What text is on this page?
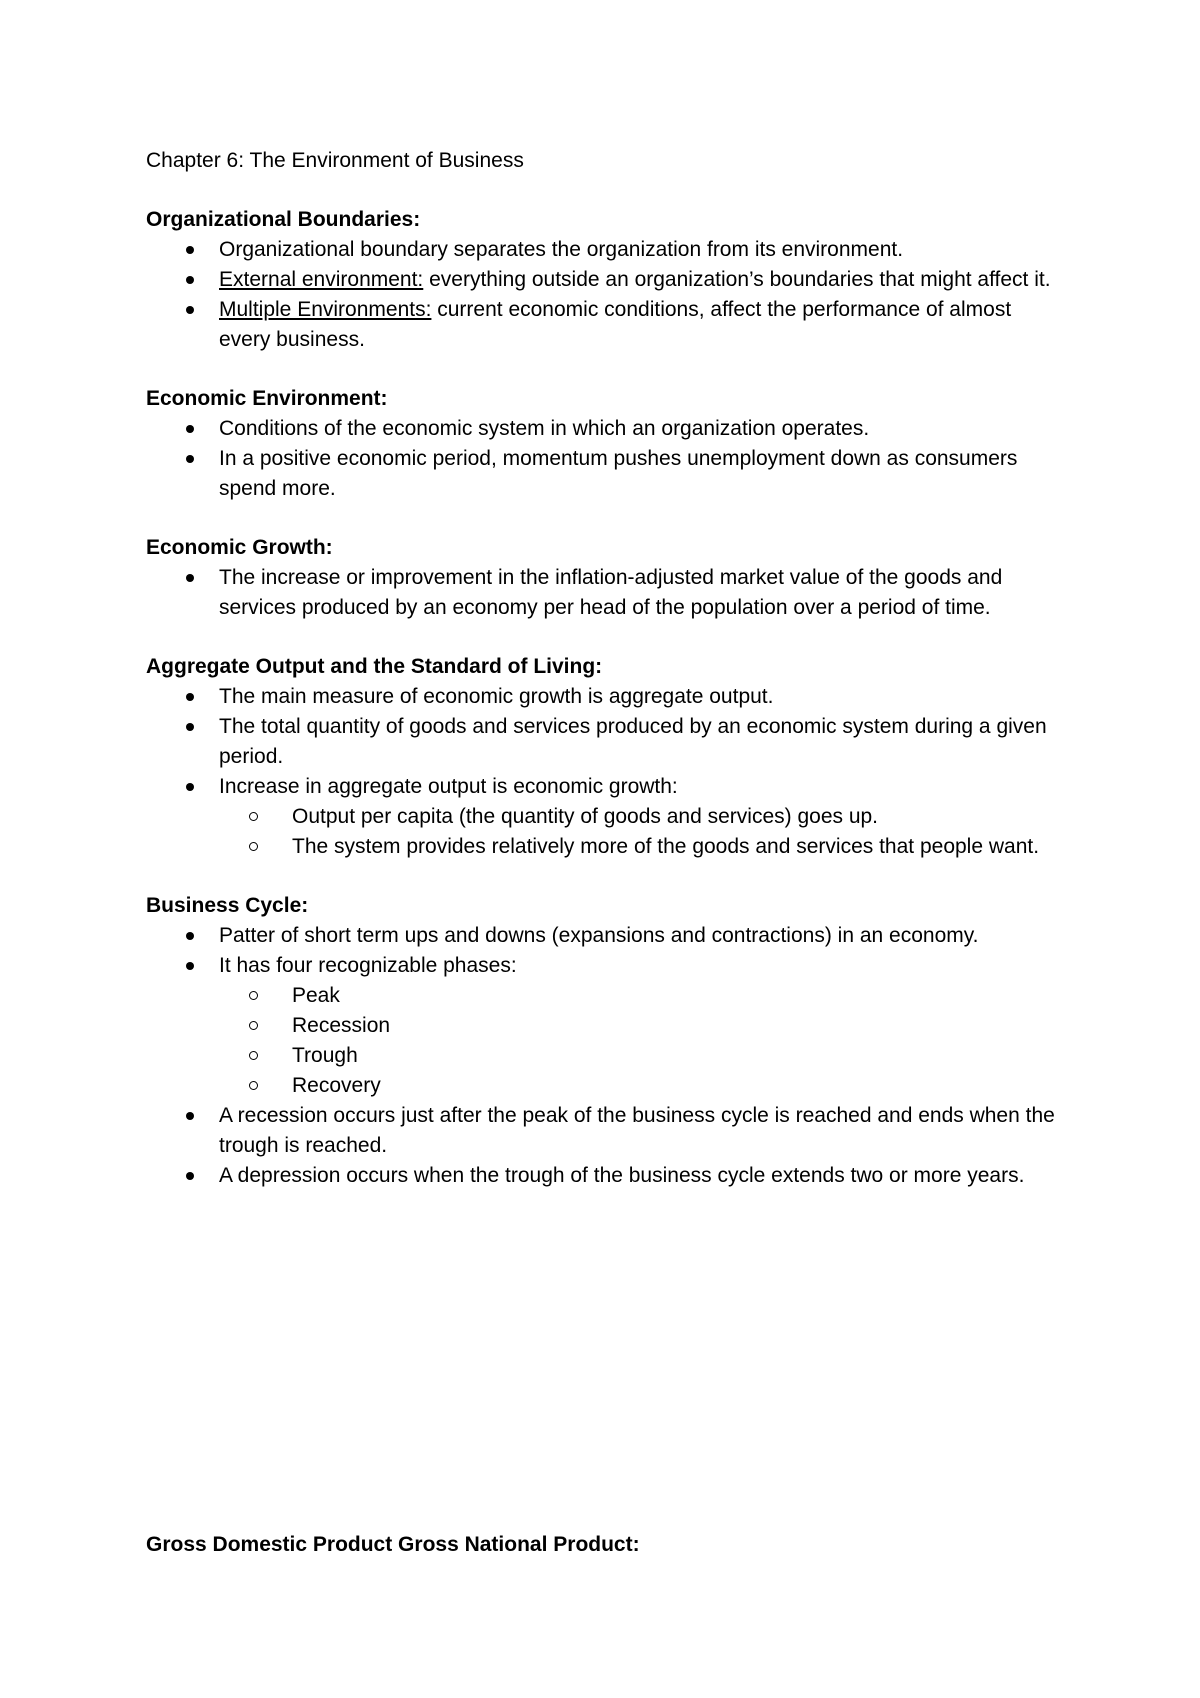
Chapter 6: The Environment of Business
Organizational Boundaries:
Organizational boundary separates the organization from its environment.
External environment: everything outside an organization’s boundaries that might affect it.
Multiple Environments: current economic conditions, affect the performance of almost every business.
Economic Environment:
Conditions of the economic system in which an organization operates.
In a positive economic period, momentum pushes unemployment down as consumers spend more.
Economic Growth:
The increase or improvement in the inflation-adjusted market value of the goods and services produced by an economy per head of the population over a period of time.
Aggregate Output and the Standard of Living:
The main measure of economic growth is aggregate output.
The total quantity of goods and services produced by an economic system during a given period.
Increase in aggregate output is economic growth:
Output per capita (the quantity of goods and services) goes up.
The system provides relatively more of the goods and services that people want.
Business Cycle:
Patter of short term ups and downs (expansions and contractions) in an economy.
It has four recognizable phases:
Peak
Recession
Trough
Recovery
A recession occurs just after the peak of the business cycle is reached and ends when the trough is reached.
A depression occurs when the trough of the business cycle extends two or more years.
Gross Domestic Product Gross National Product:
